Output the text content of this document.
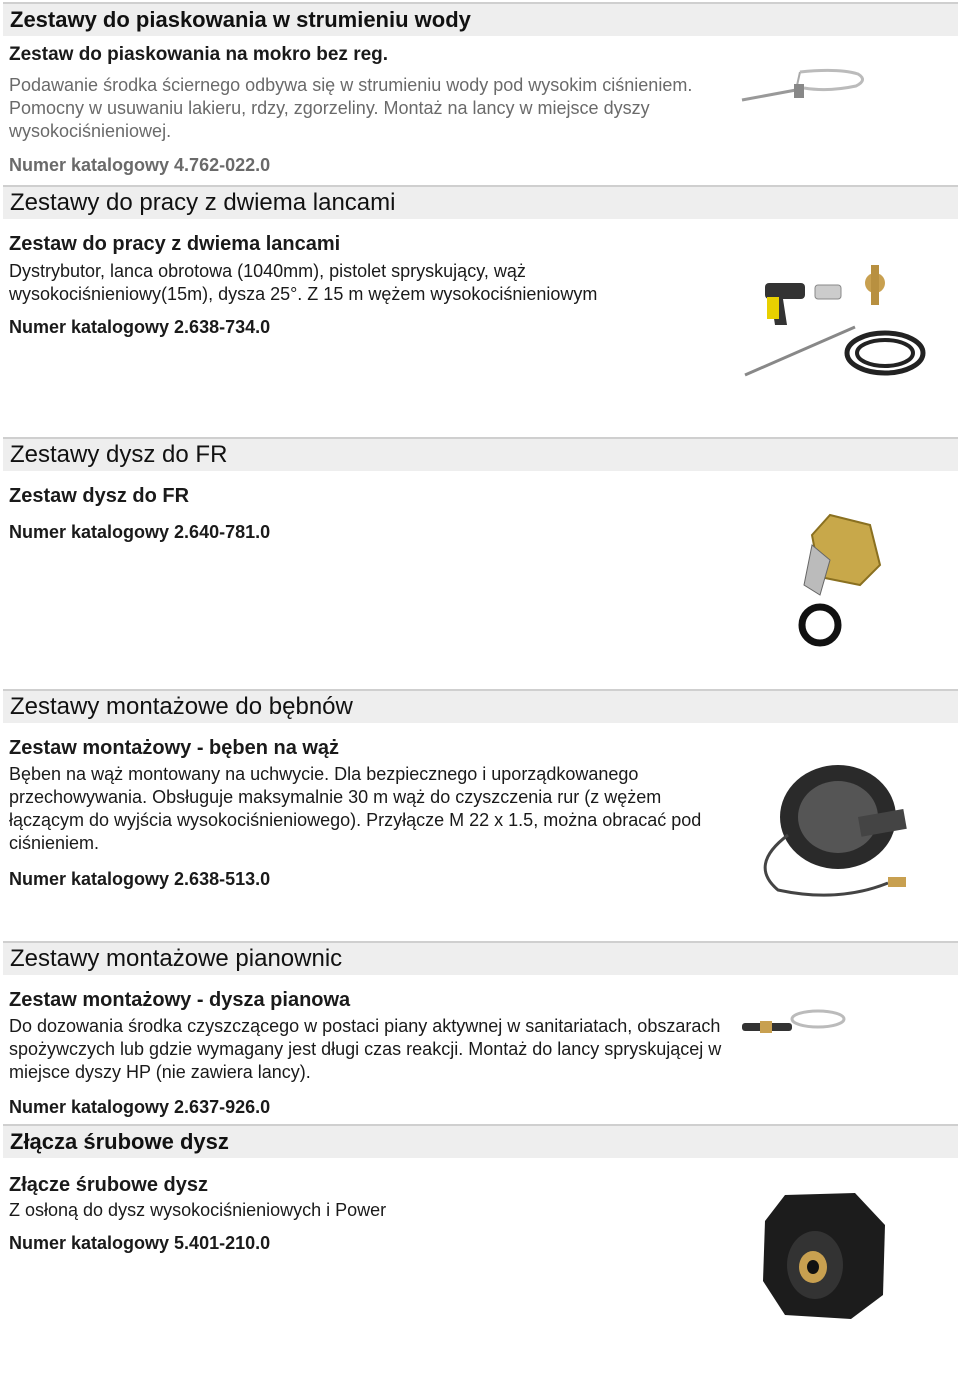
Zestawy do piaskowania w strumieniu wody
Zestaw do piaskowania na mokro bez reg.
Podawanie środka ściernego odbywa się w strumieniu wody pod wysokim ciśnieniem. Pomocny w usuwaniu lakieru, rdzy, zgorzeliny. Montaż na lancy w miejsce dyszy wysokociśnieniowej.
Numer katalogowy 4.762-022.0
Zestawy do pracy z dwiema lancami
Zestaw do pracy z dwiema lancami
Dystrybutor, lanca obrotowa (1040mm), pistolet spryskujący, wąż wysokociśnieniowy(15m), dysza 25°. Z 15 m wężem wysokociśnieniowym
Numer katalogowy 2.638-734.0
Zestawy dysz do FR
Zestaw dysz do FR
Numer katalogowy 2.640-781.0
Zestawy montażowe do bębnów
Zestaw montażowy - bęben na wąż
Bęben na wąż montowany na uchwycie. Dla bezpiecznego i uporządkowanego przechowywania. Obsługuje maksymalnie 30 m wąż do czyszczenia rur (z wężem łączącym do wyjścia wysokociśnieniowego). Przyłącze M 22 x 1.5, można obracać pod ciśnieniem.
Numer katalogowy 2.638-513.0
Zestawy montażowe pianownic
Zestaw montażowy - dysza pianowa
Do dozowania środka czyszczącego w postaci piany aktywnej w sanitariatach, obszarach spożywczych lub gdzie wymagany jest długi czas reakcji. Montaż do lancy spryskującej w miejsce dyszy HP (nie zawiera lancy).
Numer katalogowy 2.637-926.0
Złącza śrubowe dysz
Złącze śrubowe dysz
Z osłoną do dysz wysokociśnieniowych i Power
Numer katalogowy 5.401-210.0
